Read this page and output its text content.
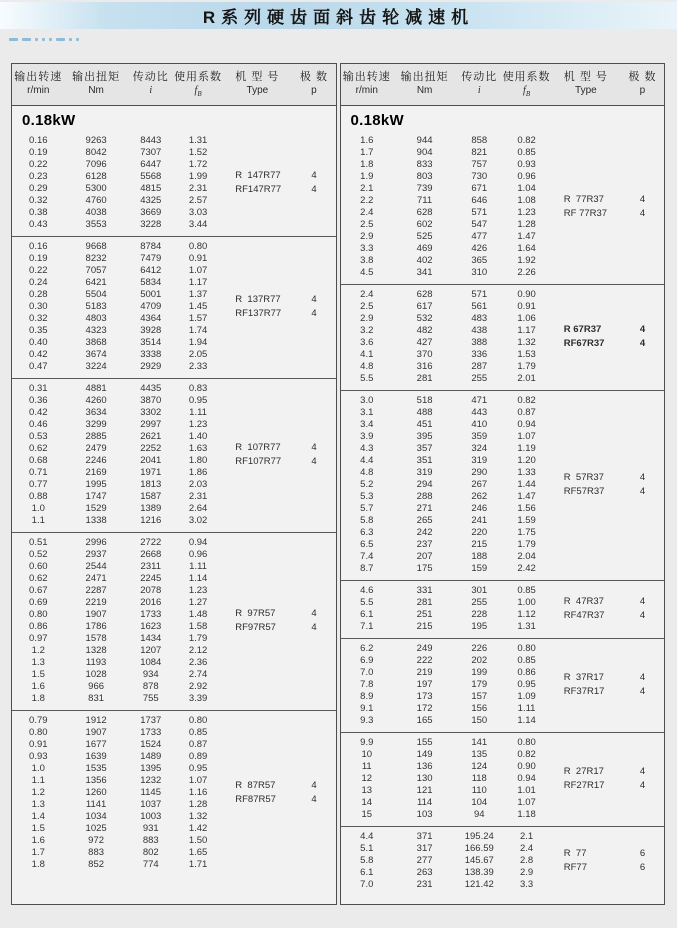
R系列硬齿面斜齿轮减速机
输出转速
r/min
输出扭矩
Nm
传动比
i
使用系数
$f_B$
机 型 号
Type
极 数
p
0.18kW
0.16	9263	8443	1.31
0.19	8042	7307	1.52
0.22	7096	6447	1.72
0.23	6128	5568	1.99
0.29	5300	4815	2.31
0.32	4760	4325	2.57
0.38	4038	3669	3.03
0.43	3553	3228	3.44
R  147R77	4
RF147R77	4
0.16	9668	8784	0.80
0.19	8232	7479	0.91
0.22	7057	6412	1.07
0.24	6421	5834	1.17
0.28	5504	5001	1.37
0.30	5183	4709	1.45
0.32	4803	4364	1.57
0.35	4323	3928	1.74
0.40	3868	3514	1.94
0.42	3674	3338	2.05
0.47	3224	2929	2.33
R  137R77	4
RF137R77	4
0.31	4881	4435	0.83
0.36	4260	3870	0.95
0.42	3634	3302	1.11
0.46	3299	2997	1.23
0.53	2885	2621	1.40
0.62	2479	2252	1.63
0.68	2246	2041	1.80
0.71	2169	1971	1.86
0.77	1995	1813	2.03
0.88	1747	1587	2.31
1.0	1529	1389	2.64
1.1	1338	1216	3.02
R  107R77	4
RF107R77	4
0.51	2996	2722	0.94
0.52	2937	2668	0.96
0.60	2544	2311	1.11
0.62	2471	2245	1.14
0.67	2287	2078	1.23
0.69	2219	2016	1.27
0.80	1907	1733	1.48
0.86	1786	1623	1.58
0.97	1578	1434	1.79
1.2	1328	1207	2.12
1.3	1193	1084	2.36
1.5	1028	934	2.74
1.6	966	878	2.92
1.8	831	755	3.39
R  97R57	4
RF97R57	4
0.79	1912	1737	0.80
0.80	1907	1733	0.85
0.91	1677	1524	0.87
0.93	1639	1489	0.89
1.0	1535	1395	0.95
1.1	1356	1232	1.07
1.2	1260	1145	1.16
1.3	1141	1037	1.28
1.4	1034	1003	1.32
1.5	1025	931	1.42
1.6	972	883	1.50
1.7	883	802	1.65
1.8	852	774	1.71
R  87R57	4
RF87R57	4
输出转速
r/min
输出扭矩
Nm
传动比
i
使用系数
$f_B$
机 型 号
Type
极 数
p
0.18kW
1.6	944	858	0.82
1.7	904	821	0.85
1.8	833	757	0.93
1.9	803	730	0.96
2.1	739	671	1.04
2.2	711	646	1.08
2.4	628	571	1.23
2.5	602	547	1.28
2.9	525	477	1.47
3.3	469	426	1.64
3.8	402	365	1.92
4.5	341	310	2.26
R  77R37	4
RF 77R37	4
2.4	628	571	0.90
2.5	617	561	0.91
2.9	532	483	1.06
3.2	482	438	1.17
3.6	427	388	1.32
4.1	370	336	1.53
4.8	316	287	1.79
5.5	281	255	2.01
R 67R37	4
RF67R37	4
3.0	518	471	0.82
3.1	488	443	0.87
3.4	451	410	0.94
3.9	395	359	1.07
4.3	357	324	1.19
4.4	351	319	1.20
4.8	319	290	1.33
5.2	294	267	1.44
5.3	288	262	1.47
5.7	271	246	1.56
5.8	265	241	1.59
6.3	242	220	1.75
6.5	237	215	1.79
7.4	207	188	2.04
8.7	175	159	2.42
R  57R37	4
RF57R37	4
4.6	331	301	0.85
5.5	281	255	1.00
6.1	251	228	1.12
7.1	215	195	1.31
R  47R37	4
RF47R37	4
6.2	249	226	0.80
6.9	222	202	0.85
7.0	219	199	0.86
7.8	197	179	0.95
8.9	173	157	1.09
9.1	172	156	1.11
9.3	165	150	1.14
R  37R17	4
RF37R17	4
9.9	155	141	0.80
10	149	135	0.82
11	136	124	0.90
12	130	118	0.94
13	121	110	1.01
14	114	104	1.07
15	103	94	1.18
R  27R17	4
RF27R17	4
4.4	371	195.24	2.1
5.1	317	166.59	2.4
5.8	277	145.67	2.8
6.1	263	138.39	2.9
7.0	231	121.42	3.3
R  77	6
RF77	6
